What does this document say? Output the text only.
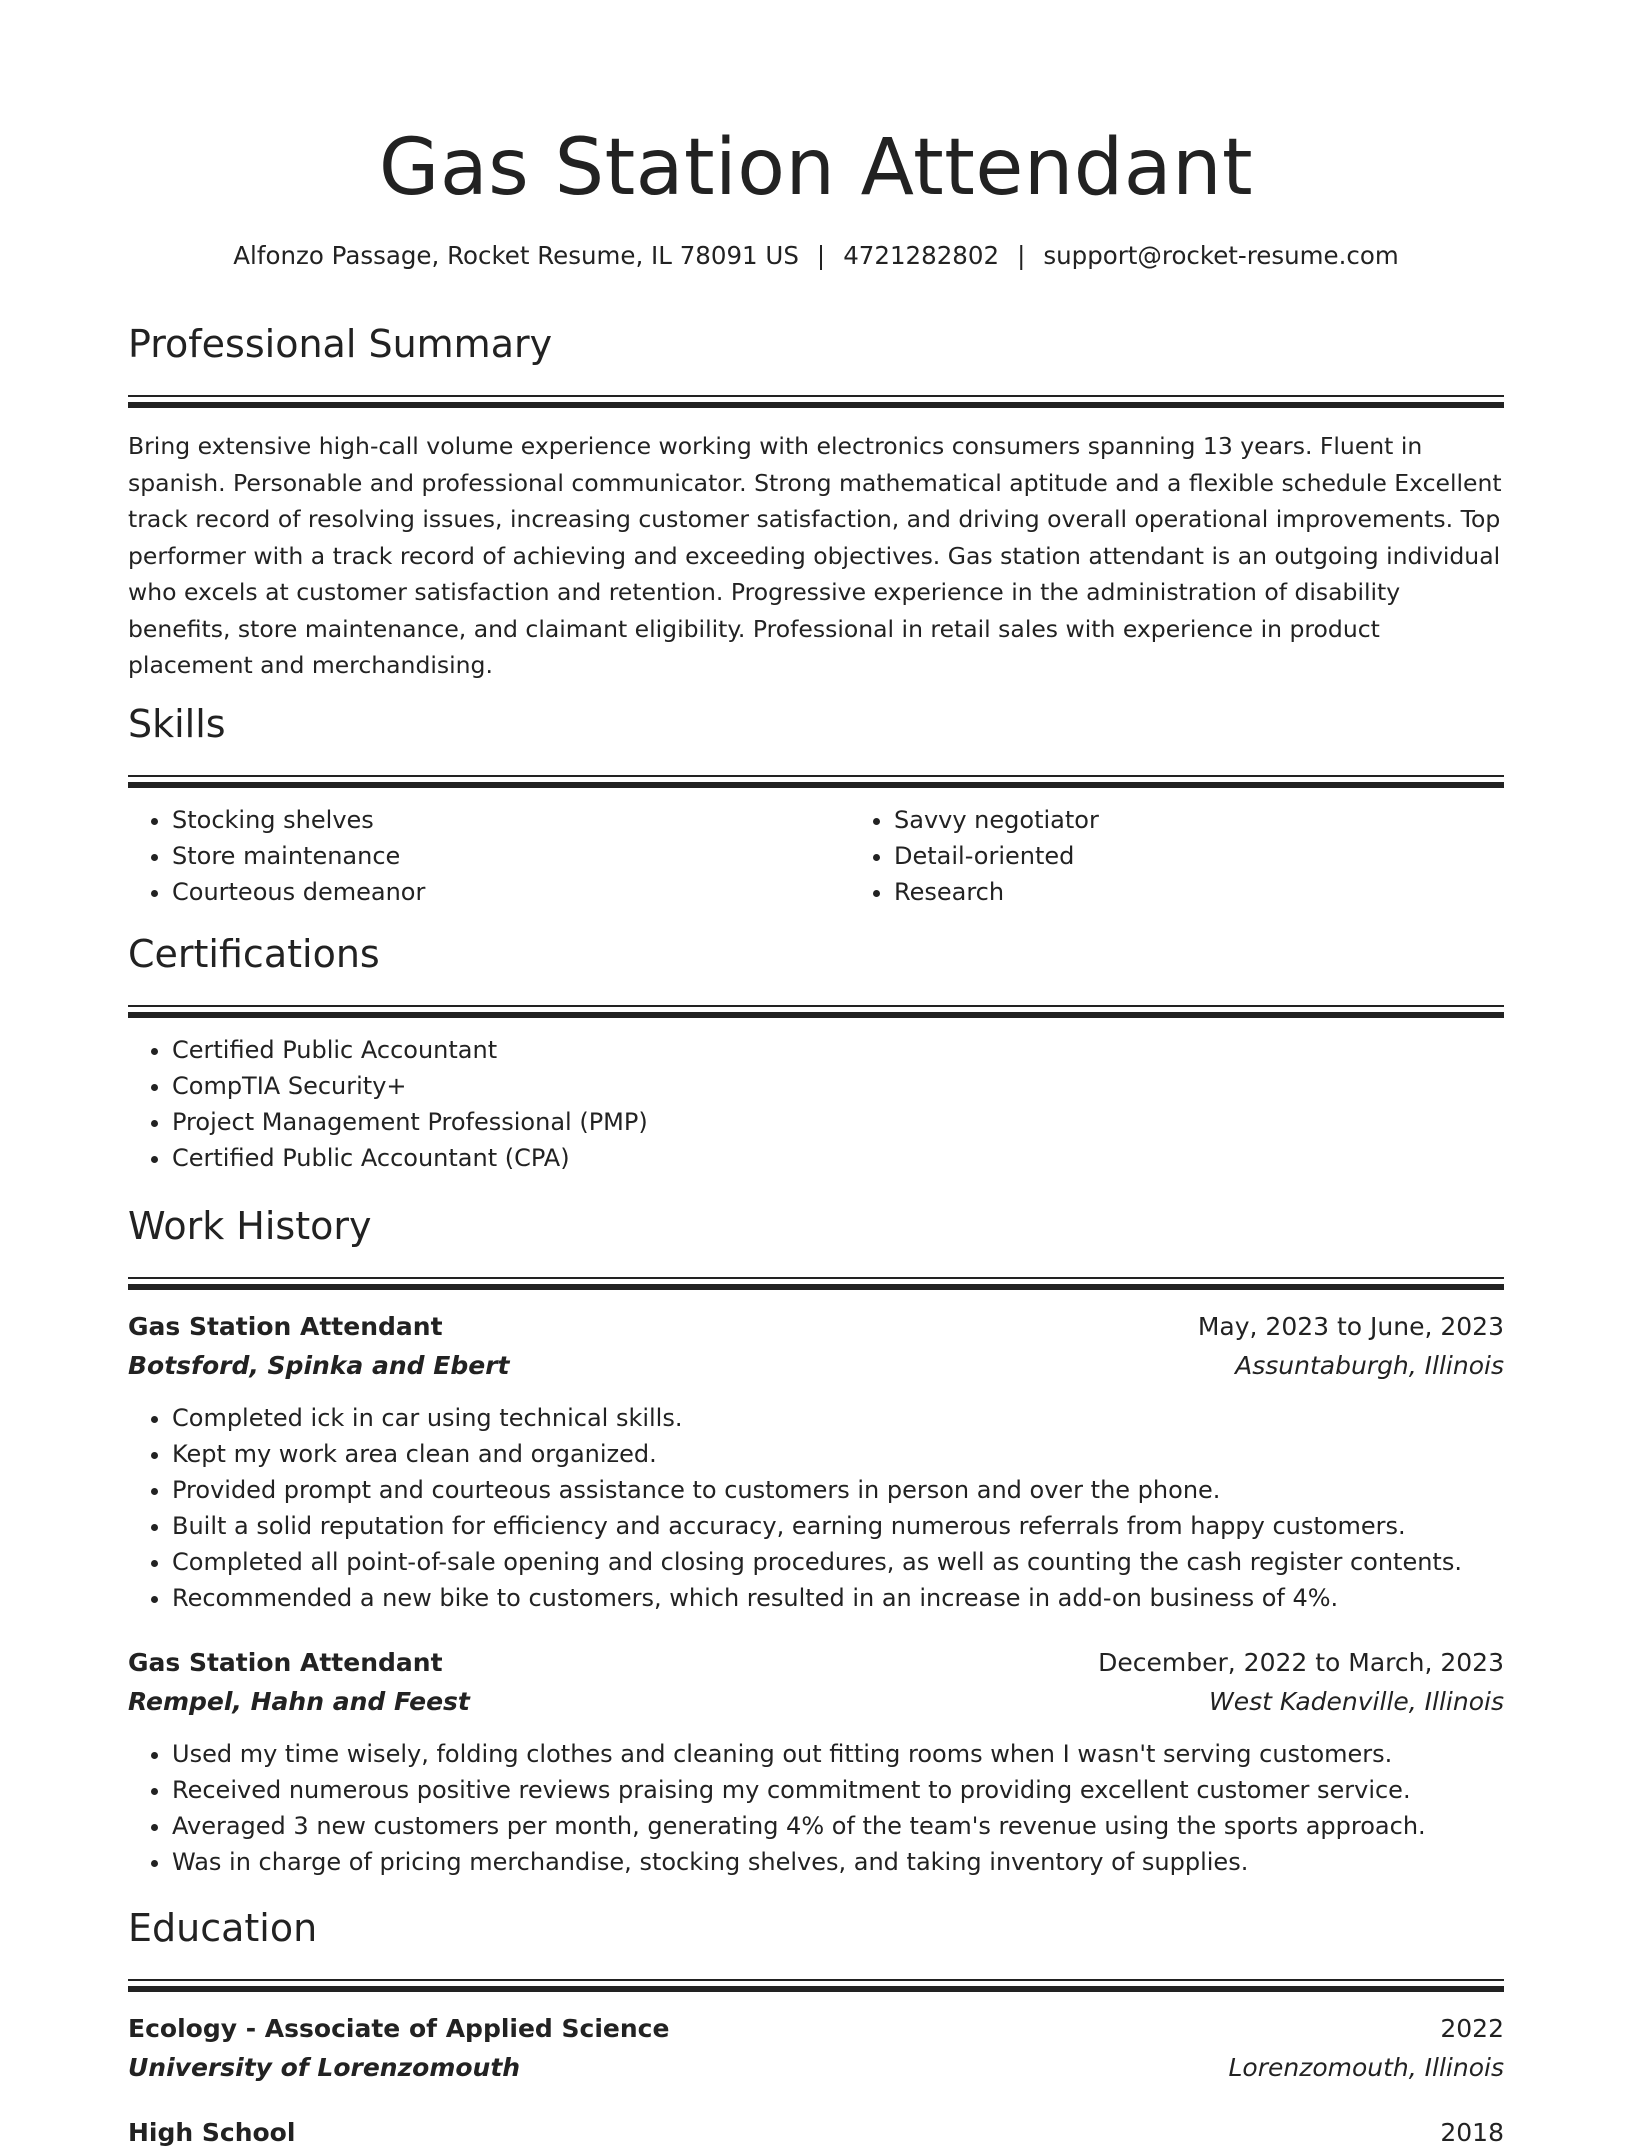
Gas Station Attendant
Alfonzo Passage, Rocket Resume, IL 78091 US | 4721282802 | support@rocket-resume.com
Professional Summary

Bring extensive high-call volume experience working with electronics consumers spanning 13 years. Fluent in spanish. Personable and professional communicator. Strong mathematical aptitude and a flexible schedule Excellent track record of resolving issues, increasing customer satisfaction, and driving overall operational improvements. Top performer with a track record of achieving and exceeding objectives. Gas station attendant is an outgoing individual who excels at customer satisfaction and retention. Progressive experience in the administration of disability benefits, store maintenance, and claimant eligibility. Professional in retail sales with experience in product placement and merchandising.

Skills
• Stocking shelves
• Store maintenance
• Courteous demeanor
• Savvy negotiator
• Detail-oriented
• Research
Certifications
• Certified Public Accountant
• CompTIA Security+
• Project Management Professional (PMP)
• Certified Public Accountant (CPA)
Work History
Gas Station Attendant	May, 2023 to June, 2023
Botsford, Spinka and Ebert	Assuntaburgh, Illinois
• Completed ick in car using technical skills.
• Kept my work area clean and organized.
• Provided prompt and courteous assistance to customers in person and over the phone.
• Built a solid reputation for efficiency and accuracy, earning numerous referrals from happy customers.
• Completed all point-of-sale opening and closing procedures, as well as counting the cash register contents.
• Recommended a new bike to customers, which resulted in an increase in add-on business of 4%.
Gas Station Attendant	December, 2022 to March, 2023
Rempel, Hahn and Feest	West Kadenville, Illinois
• Used my time wisely, folding clothes and cleaning out fitting rooms when I wasn't serving customers.
• Received numerous positive reviews praising my commitment to providing excellent customer service.
• Averaged 3 new customers per month, generating 4% of the team's revenue using the sports approach.
• Was in charge of pricing merchandise, stocking shelves, and taking inventory of supplies.
Education
Ecology - Associate of Applied Science	2022
University of Lorenzomouth	Lorenzomouth, Illinois
High School	2018
